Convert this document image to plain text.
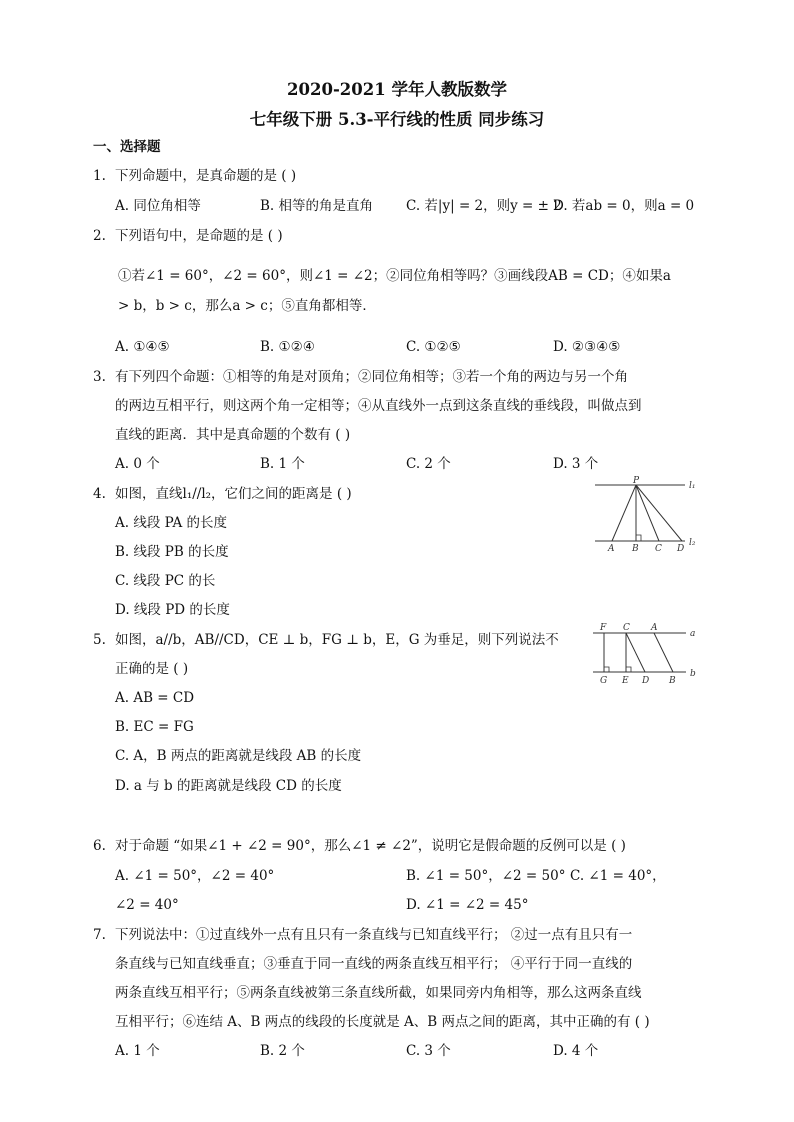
2020-2021 学年人教版数学
七年级下册 5.3-平行线的性质 同步练习
一、选择题
1. 下列命题中，是真命题的是 ( )
A. 同位角相等	B. 相等的角是直角 C. 若|y| = 2，则y = ± 2
D. 若ab = 0，则a = 0
2. 下列语句中，是命题的是 ( )
①若∠1 = 60°，∠2 = 60°，则∠1 = ∠2；②同位角相等吗？③画线段AB = CD；④如果a
> b，b > c，那么a > c；⑤直角都相等．
A. ①④⑤	B. ①②④	C. ①②⑤	D. ②③④⑤
3. 有下列四个命题：①相等的角是对顶角；②同位角相等；③若一个角的两边与另一个角
的两边互相平行，则这两个角一定相等；④从直线外一点到这条直线的垂线段，叫做点到
直线的距离．其中是真命题的个数有 ( )
A. 0 个	B. 1 个	C. 2 个	D. 3 个
4. 如图，直线l₁//l₂，它们之间的距离是 ( )
A. 线段 PA 的长度
B. 线段 PB 的长度
C. 线段 PC 的长
D. 线段 PD 的长度
P	l₁
l₂
A B C D
5. 如图，a//b，AB//CD，CE ⊥ b，FG ⊥ b，E，G 为垂足，则下列说法不
正确的是 ( )
A. AB = CD
B. EC = FG
C. A，B 两点的距离就是线段 AB 的长度
D. a 与 b 的距离就是线段 CD 的长度
F C A
a
b
G E D B
6. 对于命题 “如果∠1 + ∠2 = 90°，那么∠1 ≠ ∠2”，说明它是假命题的反例可以是 ( )
A. ∠1 = 50°，∠2 = 40°	B. ∠1 = 50°，∠2 = 50° C. ∠1 = 40°，
∠2 = 40°	D. ∠1 = ∠2 = 45°
7. 下列说法中：①过直线外一点有且只有一条直线与已知直线平行； ②过一点有且只有一
条直线与已知直线垂直；③垂直于同一直线的两条直线互相平行； ④平行于同一直线的
两条直线互相平行；⑤两条直线被第三条直线所截，如果同旁内角相等，那么这两条直线
互相平行；⑥连结 A、B 两点的线段的长度就是 A、B 两点之间的距离，其中正确的有 ( )
A. 1 个	B. 2 个	C. 3 个	D. 4 个
